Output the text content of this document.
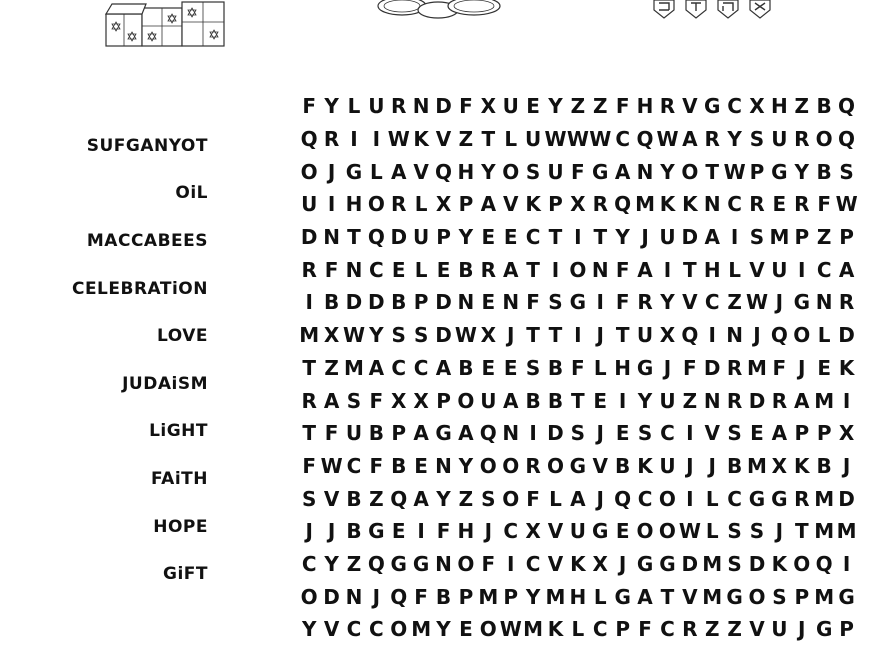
SUFGANYOT
OiL
MACCABEES
CELEBRATiON
LOVE
JUDAiSM
LiGHT
FAiTH
HOPE
GiFT
F Y L U R N D F X U E Y Z Z F H R V G C X H Z B Q
Q R I I W K V Z T L U W W W C Q W A R Y S U R O Q
O J G L A V Q H Y O S U F G A N Y O T W P G Y B S
U I H O R L X P A V K P X R Q M K K N C R E R F W
D N T Q D U P Y E E C T I T Y J U D A I S M P Z P
R F N C E L E B R A T I O N F A I T H L V U I C A
I B D D B P D N E N F S G I F R Y V C Z W J G N R
M X W Y S S D W X J T T I J T U X Q I N J Q O L D
T Z M A C C A B E E S B F L H G J F D R M F J E K
R A S F X X P O U A B B T E I Y U Z N R D R A M I
T F U B P A G A Q N I D S J E S C I V S E A P P X
F W C F B E N Y O O R O G V B K U J J B M X K B J
S V B Z Q A Y Z S O F L A J Q C O I L C G G R M D
J J B G E I F H J C X V U G E O O W L S S J T M M
C Y Z Q G G N O F I C V K X J G G D M S D K O Q I
O D N J Q F B P M P Y M H L G A T V M G O S P M G
Y V C C O M Y E O W M K L C P F C R Z Z V U J G P
